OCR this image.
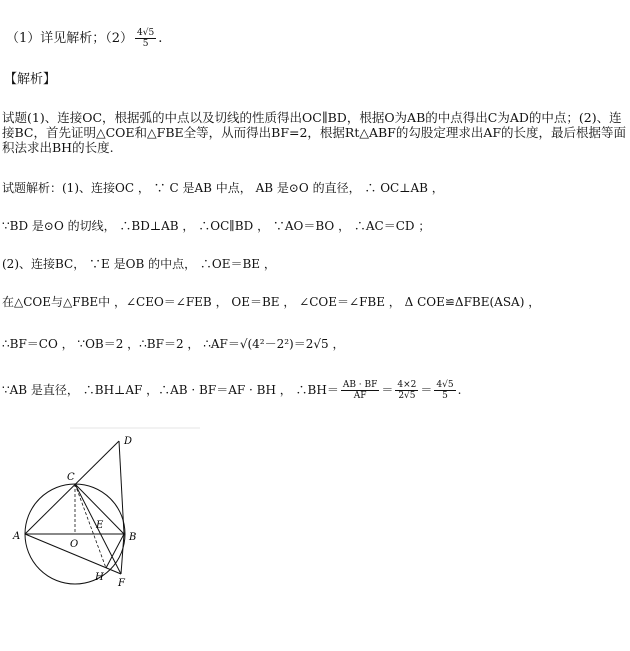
（1）详见解析；$(2) \frac{4√5}{5}$ .
【解析】
试题(1)、连接OC，根据弧的中点以及切线的性质得出OC∥BD，根据O为AB的中点得出C为AD的中点；(2)、连接BC，首先证明△COE和△FBE全等，从而得出BF=2，根据Rt△ABF的勾股定理求出AF的长度，最后根据等面积法求出BH的长度.
试题解析：(1)、连接OC ， ∵ C 是AB 中点， AB 是⊙O 的直径， ∴ OC⊥AB ，
∵BD 是⊙O 的切线， ∴BD⊥AB ， ∴OC∥BD ， ∵AO＝BO ， ∴AC＝CD ；
(2)、连接BC， ∵E 是OB 的中点， ∴OE＝BE ，
在△COE与△FBE中 ，∠CEO＝∠FEB ， OE＝BE ， ∠COE＝∠FBE ， Δ COE≌ΔFBE(ASA) ，
∴BF＝CO ， ∵OB＝2 ，∴BF＝2 ， ∴AF＝√(4²－2²)＝2√5 ，
∵AB 是直径， ∴BH⊥AF ，∴AB · BF＝AF · BH ， ∴BH＝ $\frac{AB \cdot BF}{AF} = \frac{4\times 2}{2√5} = \frac{4√5}{5}$ .
A	B
C
D
E
F
H
O
